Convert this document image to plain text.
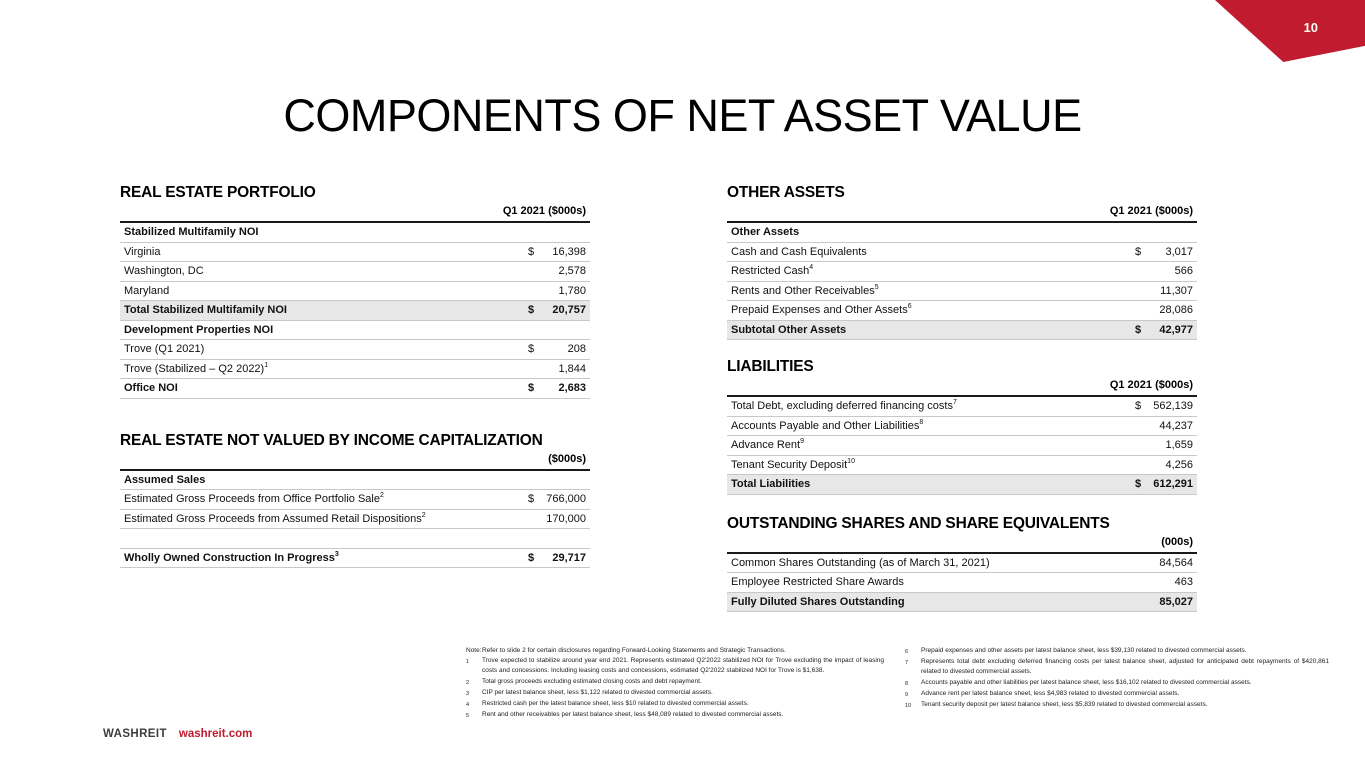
10
COMPONENTS OF NET ASSET VALUE
REAL ESTATE PORTFOLIO
Q1 2021 ($000s)
Stabilized Multifamily NOI
Virginia	$ 16,398
Washington, DC	2,578
Maryland	1,780
Total Stabilized Multifamily NOI	$ 20,757
Development Properties NOI
Trove (Q1 2021)	$	208
Trove (Stabilized – Q2 2022)$^1$	1,844
Office NOI	$ 2,683
REAL ESTATE NOT VALUED BY INCOME CAPITALIZATION
($000s)
Assumed Sales
Estimated Gross Proceeds from Office Portfolio Sale$^2$	$ 766,000
Estimated Gross Proceeds from Assumed Retail Dispositions$^2$	170,000
Wholly Owned Construction In Progress$^3$	$ 29,717
OTHER ASSETS
Q1 2021 ($000s)
Other Assets
Cash and Cash Equivalents	$ 3,017
Restricted Cash$^4$	566
Rents and Other Receivables$^5$	11,307
Prepaid Expenses and Other Assets$^6$	28,086
Subtotal Other Assets	$ 42,977
LIABILITIES
Q1 2021 ($000s)
Total Debt, excluding deferred financing costs$^7$	$ 562,139
Accounts Payable and Other Liabilities$^8$	44,237
Advance Rent$^9$	1,659
Tenant Security Deposit$^{10}$	4,256
Total Liabilities	$ 612,291
OUTSTANDING SHARES AND SHARE EQUIVALENTS
(000s)
Common Shares Outstanding (as of March 31, 2021)	84,564
Employee Restricted Share Awards	463
Fully Diluted Shares Outstanding	85,027
Note: Refer to slide 2 for certain disclosures regarding Forward-Looking Statements and Strategic Transactions.
1	Trove expected to stabilize around year end 2021. Represents estimated Q2'2022 stabilized NOI for Trove excluding the impact of leasing costs and concessions. Including leasing costs and concessions, estimated Q2'2022 stabilized NOI for Trove is $1,638.
2	Total gross proceeds excluding estimated closing costs and debt repayment.
3	CIP per latest balance sheet, less $1,122 related to divested commercial assets.
4	Restricted cash per the latest balance sheet, less $10 related to divested commercial assets.
5	Rent and other receivables per latest balance sheet, less $48,089 related to divested commercial assets.
6	Prepaid expenses and other assets per latest balance sheet, less $39,130 related to divested commercial assets.
7	Represents total debt excluding deferred financing costs per latest balance sheet, adjusted for anticipated debt repayments of $420,861 related to divested commercial assets.
8	Accounts payable and other liabilities per latest balance sheet, less $16,102 related to divested commercial assets.
9	Advance rent per latest balance sheet, less $4,983 related to divested commercial assets.
10	Tenant security deposit per latest balance sheet, less $5,839 related to divested commercial assets.
WASHREIT washreit.com
